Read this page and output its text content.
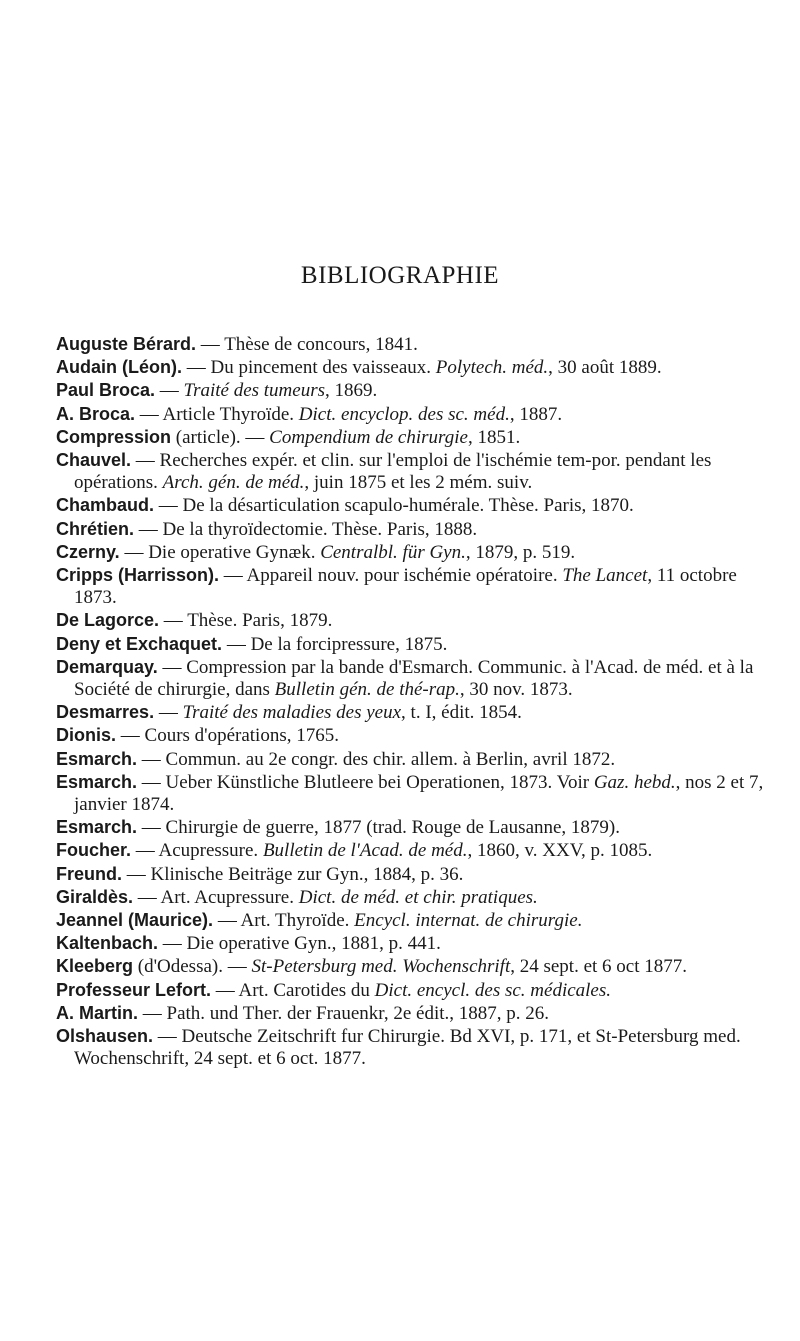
BIBLIOGRAPHIE

Auguste Bérard. — Thèse de concours, 1841.

Audain (Léon). — Du pincement des vaisseaux. Polytech. méd., 30 août 1889.

Paul Broca. — Traité des tumeurs, 1869.

A. Broca. — Article Thyroïde. Dict. encyclop. des sc. méd., 1887.

Compression (article). — Compendium de chirurgie, 1851.

Chauvel. — Recherches expér. et clin. sur l'emploi de l'ischémie tem-por. pendant les opérations. Arch. gén. de méd., juin 1875 et les 2 mém. suiv.

Chambaud. — De la désarticulation scapulo-humérale. Thèse. Paris, 1870.

Chrétien. — De la thyroïdectomie. Thèse. Paris, 1888.

Czerny. — Die operative Gynæk. Centralbl. für Gyn., 1879, p. 519.

Cripps (Harrisson). — Appareil nouv. pour ischémie opératoire. The Lancet, 11 octobre 1873.

De Lagorce. — Thèse. Paris, 1879.

Deny et Exchaquet. — De la forcipressure, 1875.

Demarquay. — Compression par la bande d'Esmarch. Communic. à l'Acad. de méd. et à la Société de chirurgie, dans Bulletin gén. de thé-rap., 30 nov. 1873.

Desmarres. — Traité des maladies des yeux, t. I, édit. 1854.

Dionis. — Cours d'opérations, 1765.

Esmarch. — Commun. au 2e congr. des chir. allem. à Berlin, avril 1872.

Esmarch. — Ueber Künstliche Blutleere bei Operationen, 1873. Voir Gaz. hebd., nos 2 et 7, janvier 1874.

Esmarch. — Chirurgie de guerre, 1877 (trad. Rouge de Lausanne, 1879).

Foucher. — Acupressure. Bulletin de l'Acad. de méd., 1860, v. XXV, p. 1085.

Freund. — Klinische Beiträge zur Gyn., 1884, p. 36.

Giraldès. — Art. Acupressure. Dict. de méd. et chir. pratiques.

Jeannel (Maurice). — Art. Thyroïde. Encycl. internat. de chirurgie.

Kaltenbach. — Die operative Gyn., 1881, p. 441.

Kleeberg (d'Odessa). — St-Petersburg med. Wochenschrift, 24 sept. et 6 oct 1877.

Professeur Lefort. — Art. Carotides du Dict. encycl. des sc. médicales.

A. Martin. — Path. und Ther. der Frauenkr, 2e édit., 1887, p. 26.

Olshausen. — Deutsche Zeitschrift fur Chirurgie. Bd XVI, p. 171, et St-Petersburg med. Wochenschrift, 24 sept. et 6 oct. 1877.
